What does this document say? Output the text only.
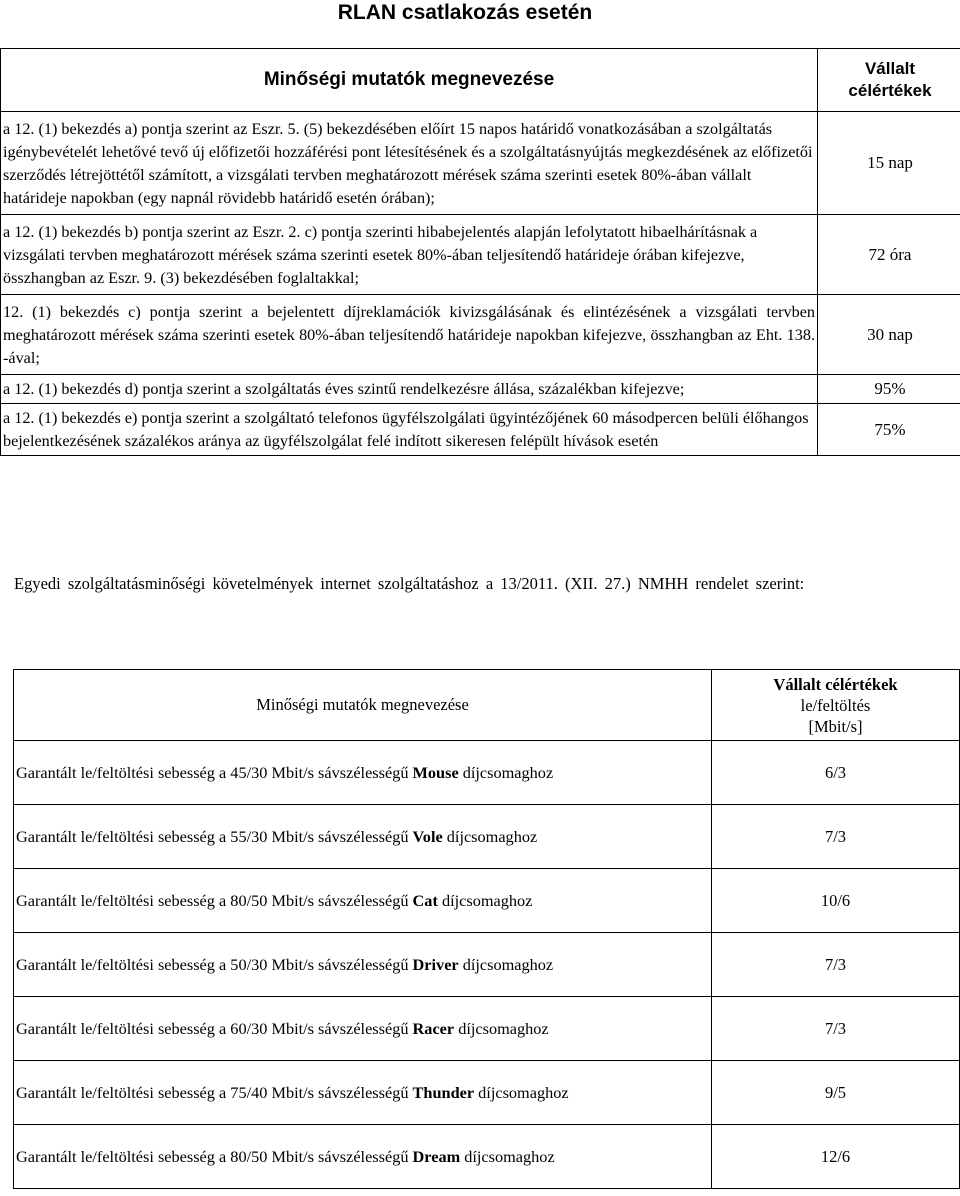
RLAN csatlakozás esetén
Minőségi mutatók megnevezése	Vállalt
célértékek
a 12. (1) bekezdés a) pontja szerint az Eszr. 5. (5) bekezdésében előírt 15 napos határidő vonatkozásában a szolgáltatás igénybevételét lehetővé tevő új előfizetői hozzáférési pont létesítésének és a szolgáltatásnyújtás megkezdésének az előfizetői szerződés létrejöttétől számított, a vizsgálati tervben meghatározott mérések száma szerinti esetek 80%-ában vállalt határideje napokban (egy napnál rövidebb határidő esetén órában);	15 nap
a 12. (1) bekezdés b) pontja szerint az Eszr. 2. c) pontja szerinti hibabejelentés alapján lefolytatott hibaelhárításnak a vizsgálati tervben meghatározott mérések száma szerinti esetek 80%-ában teljesítendő határideje órában kifejezve, összhangban az Eszr. 9. (3) bekezdésében foglaltakkal;	72 óra
12. (1) bekezdés c) pontja szerint a bejelentett díjreklamációk kivizsgálásának és elintézésének a vizsgálati tervben meghatározott mérések száma szerinti esetek 80%-ában teljesítendő határideje napokban kifejezve, összhangban az Eht. 138. -ával;	30 nap
a 12. (1) bekezdés d) pontja szerint a szolgáltatás éves szintű rendelkezésre állása, százalékban kifejezve;	95%
a 12. (1) bekezdés e) pontja szerint a szolgáltató telefonos ügyfélszolgálati ügyintézőjének 60 másodpercen belüli élőhangos bejelentkezésének százalékos aránya az ügyfélszolgálat felé indított sikeresen felépült hívások esetén	75%
Egyedi szolgáltatásminőségi követelmények internet szolgáltatáshoz a 13/2011. (XII. 27.) NMHH rendelet szerint:
Minőségi mutatók megnevezése	Vállalt célértékek
le/feltöltés
[Mbit/s]
Garantált le/feltöltési sebesség a 45/30 Mbit/s sávszélességű Mouse díjcsomaghoz	6/3
Garantált le/feltöltési sebesség a 55/30 Mbit/s sávszélességű Vole díjcsomaghoz	7/3
Garantált le/feltöltési sebesség a 80/50 Mbit/s sávszélességű Cat díjcsomaghoz	10/6
Garantált le/feltöltési sebesség a 50/30 Mbit/s sávszélességű Driver díjcsomaghoz	7/3
Garantált le/feltöltési sebesség a 60/30 Mbit/s sávszélességű Racer díjcsomaghoz	7/3
Garantált le/feltöltési sebesség a 75/40 Mbit/s sávszélességű Thunder díjcsomaghoz	9/5
Garantált le/feltöltési sebesség a 80/50 Mbit/s sávszélességű Dream díjcsomaghoz	12/6
